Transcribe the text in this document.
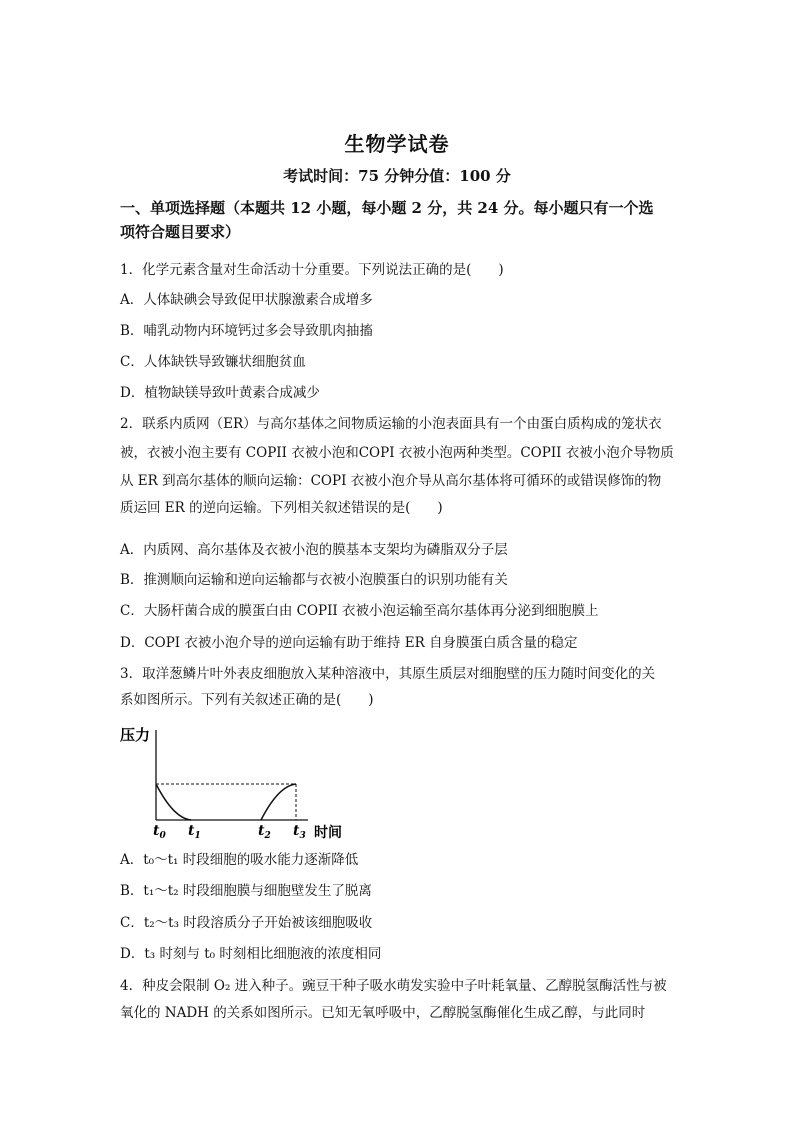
生物学试卷
考试时间：75 分钟分值：100 分
一、单项选择题（本题共 12 小题，每小题 2 分，共 24 分。每小题只有一个选
项符合题目要求）
1．化学元素含量对生命活动十分重要。下列说法正确的是(　　)
A．人体缺碘会导致促甲状腺激素合成增多
B．哺乳动物内环境钙过多会导致肌肉抽搐
C．人体缺铁导致镰状细胞贫血
D．植物缺镁导致叶黄素合成减少
2．联系内质网（ER）与高尔基体之间物质运输的小泡表面具有一个由蛋白质构成的笼状衣
被，衣被小泡主要有 COPII 衣被小泡和COPI 衣被小泡两种类型。COPII 衣被小泡介导物质
从 ER 到高尔基体的顺向运输：COPI 衣被小泡介导从高尔基体将可循环的或错误修饰的物
质运回 ER 的逆向运输。下列相关叙述错误的是(　　)
A．内质网、高尔基体及衣被小泡的膜基本支架均为磷脂双分子层
B．推测顺向运输和逆向运输都与衣被小泡膜蛋白的识别功能有关
C．大肠杆菌合成的膜蛋白由 COPII 衣被小泡运输至高尔基体再分泌到细胞膜上
D．COPI 衣被小泡介导的逆向运输有助于维持 ER 自身膜蛋白质含量的稳定
3．取洋葱鳞片叶外表皮细胞放入某种溶液中，其原生质层对细胞壁的压力随时间变化的关
系如图所示。下列有关叙述正确的是(　　)
压力
时间
$t_0$ $t_1$	$t_2$ $t_3$
A．t₀～t₁ 时段细胞的吸水能力逐渐降低
B．t₁～t₂ 时段细胞膜与细胞壁发生了脱离
C．t₂～t₃ 时段溶质分子开始被该细胞吸收
D．t₃ 时刻与 t₀ 时刻相比细胞液的浓度相同
4．种皮会限制 O₂ 进入种子。豌豆干种子吸水萌发实验中子叶耗氧量、乙醇脱氢酶活性与被
氧化的 NADH 的关系如图所示。已知无氧呼吸中，乙醇脱氢酶催化生成乙醇，与此同时
